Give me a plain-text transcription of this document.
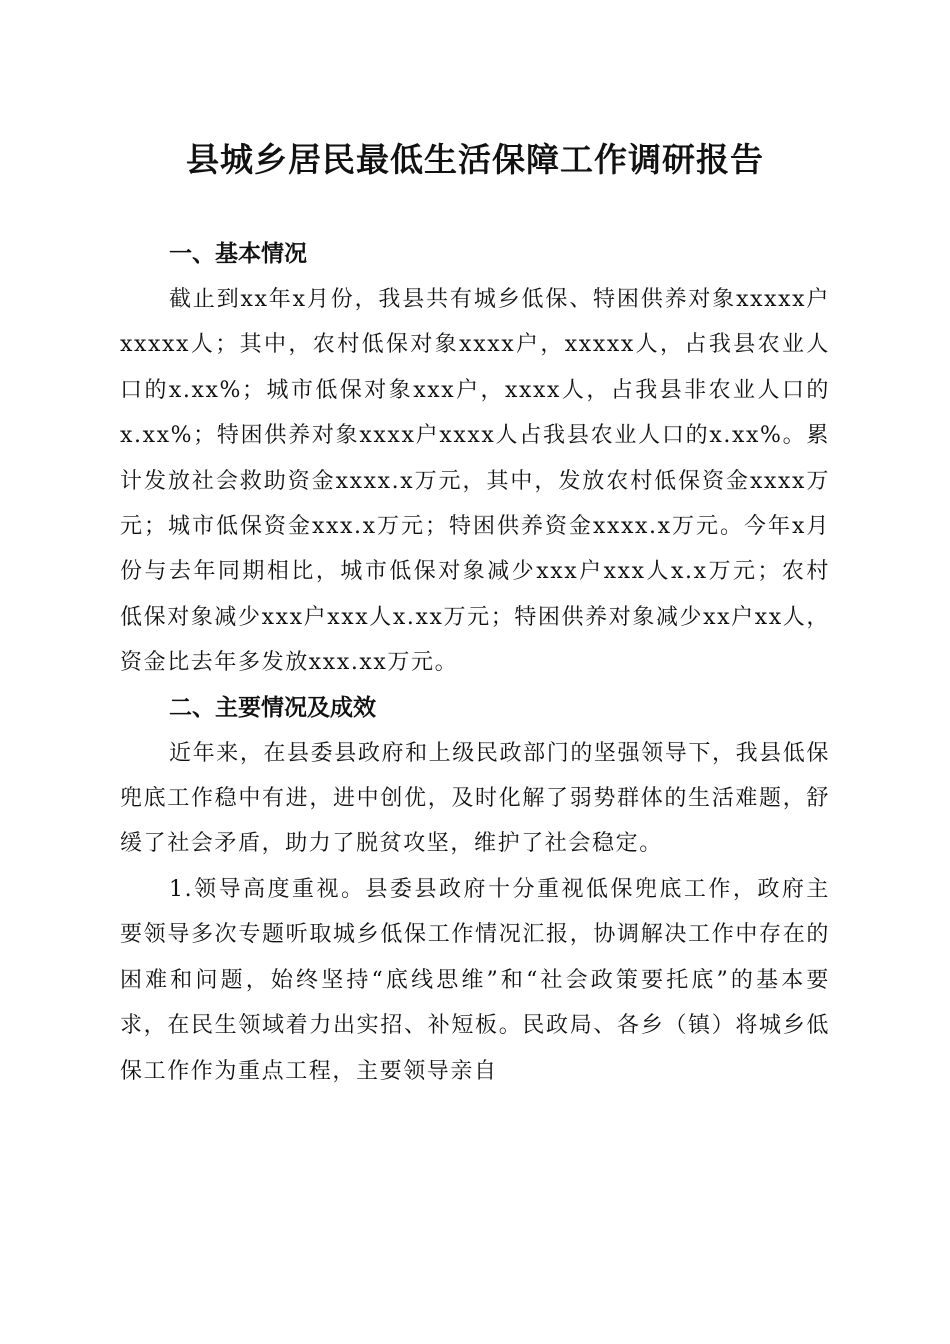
县城乡居民最低生活保障工作调研报告
一、基本情况

截止到xx年x月份，我县共有城乡低保、特困供养对象xxxxx户xxxxx人；其中，农村低保对象xxxx户，xxxxx人，占我县农业人口的x.xx%；城市低保对象xxx户，xxxx人，占我县非农业人口的x.xx%；特困供养对象xxxx户xxxx人占我县农业人口的x.xx%。累计发放社会救助资金xxxx.x万元，其中，发放农村低保资金xxxx万元；城市低保资金xxx.x万元；特困供养资金xxxx.x万元。今年x月份与去年同期相比，城市低保对象减少xxx户xxx人x.x万元；农村低保对象减少xxx户xxx人x.xx万元；特困供养对象减少xx户xx人，资金比去年多发放xxx.xx万元。

二、主要情况及成效

近年来，在县委县政府和上级民政部门的坚强领导下，我县低保兜底工作稳中有进，进中创优，及时化解了弱势群体的生活难题，舒缓了社会矛盾，助力了脱贫攻坚，维护了社会稳定。

1.领导高度重视。县委县政府十分重视低保兜底工作，政府主要领导多次专题听取城乡低保工作情况汇报，协调解决工作中存在的困难和问题，始终坚持“底线思维”和“社会政策要托底”的基本要求，在民生领域着力出实招、补短板。民政局、各乡（镇）将城乡低保工作作为重点工程，主要领导亲自
